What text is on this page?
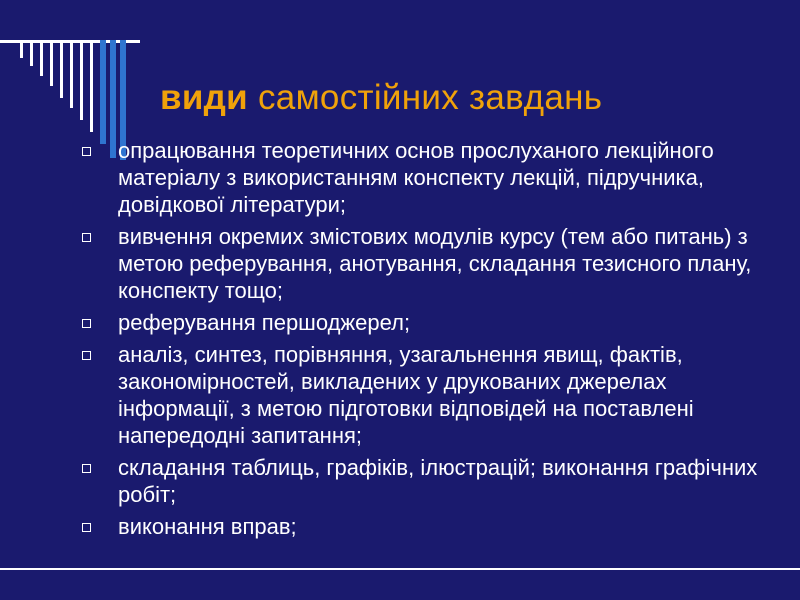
види самостійних завдань
опрацювання теоретичних основ прослуханого лекційного матеріалу з використанням конспекту лекцій, підручника, довідкової літератури;
вивчення окремих змістових модулів курсу (тем або питань) з метою реферування, анотування, складання тезисного плану, конспекту тощо;
реферування першоджерел;
аналіз, синтез, порівняння, узагальнення явищ, фактів, закономірностей, викладених у друкованих джерелах інформації, з метою підготовки відповідей на поставлені напередодні запитання;
складання таблиць, графіків, ілюстрацій; виконання графічних робіт;
виконання вправ;
